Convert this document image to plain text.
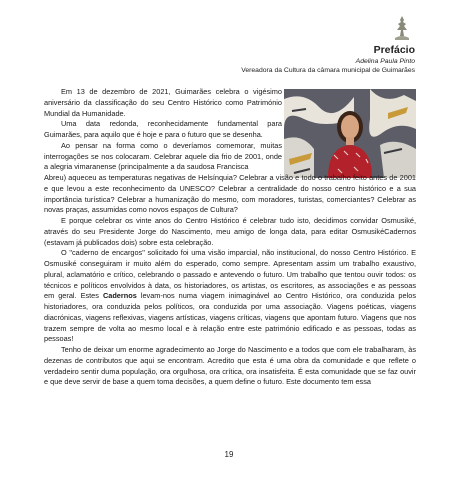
Prefácio
Adelina Paula Pinto
Vereadora da Cultura da câmara municipal de Guimarães

Em 13 de dezembro de 2021, Guimarães celebra o vigésimo aniversário da classificação do seu Centro Histórico como Património Mundial da Humanidade.

Uma data redonda, reconhecidamente fundamental para Guimarães, para aquilo que é hoje e para o futuro que se desenha.

Ao pensar na forma como o deveríamos comemorar, muitas interrogações se nos colocaram. Celebrar aquele dia frio de 2001, onde a alegria vimaranense (principalmente a da saudosa Francisca

Abreu) aqueceu as temperaturas negativas de Helsínquia? Celebrar a visão e todo o trabalho feito antes de 2001 e que levou a este reconhecimento da UNESCO? Celebrar a centralidade do nosso centro histórico e a sua importância turística? Celebrar a humanização do mesmo, com moradores, turistas, comerciantes? Celebrar as novas praças, assumidas como novos espaços de Cultura?

E porque celebrar os vinte anos do Centro Histórico é celebrar tudo isto, decidimos convidar Osmusiké, através do seu Presidente Jorge do Nascimento, meu amigo de longa data, para editar OsmusikéCadernos (estavam já publicados dois) sobre esta celebração.

O "caderno de encargos" solicitado foi uma visão imparcial, não institucional, do nosso Centro Histórico. E Osmusiké conseguiram ir muito além do esperado, como sempre. Apresentam assim um trabalho exaustivo, plural, aclamatório e crítico, celebrando o passado e antevendo o futuro. Um trabalho que tentou ouvir todos: os técnicos e políticos envolvidos à data, os historiadores, os artistas, os escritores, as associações e as pessoas em geral. Estes Cadernos levam-nos numa viagem inimaginável ao Centro Histórico, ora conduzida pelos historiadores, ora conduzida pelos políticos, ora conduzida por uma associação. Viagens poéticas, viagens diacrónicas, viagens reflexivas, viagens artísticas, viagens críticas, viagens que apontam futuro. Viagens que nos trazem sempre de volta ao mesmo local e à relação entre este património edificado e as pessoas, todas as pessoas!

Tenho de deixar um enorme agradecimento ao Jorge do Nascimento e a todos que com ele trabalharam, às dezenas de contributos que aqui se encontram. Acredito que esta é uma obra da comunidade e que reflete o verdadeiro sentir duma população, ora orgulhosa, ora crítica, ora insatisfeita. É esta comunidade que se faz ouvir e que deve servir de base a quem toma decisões, a quem define o futuro. Este documento tem essa

19
